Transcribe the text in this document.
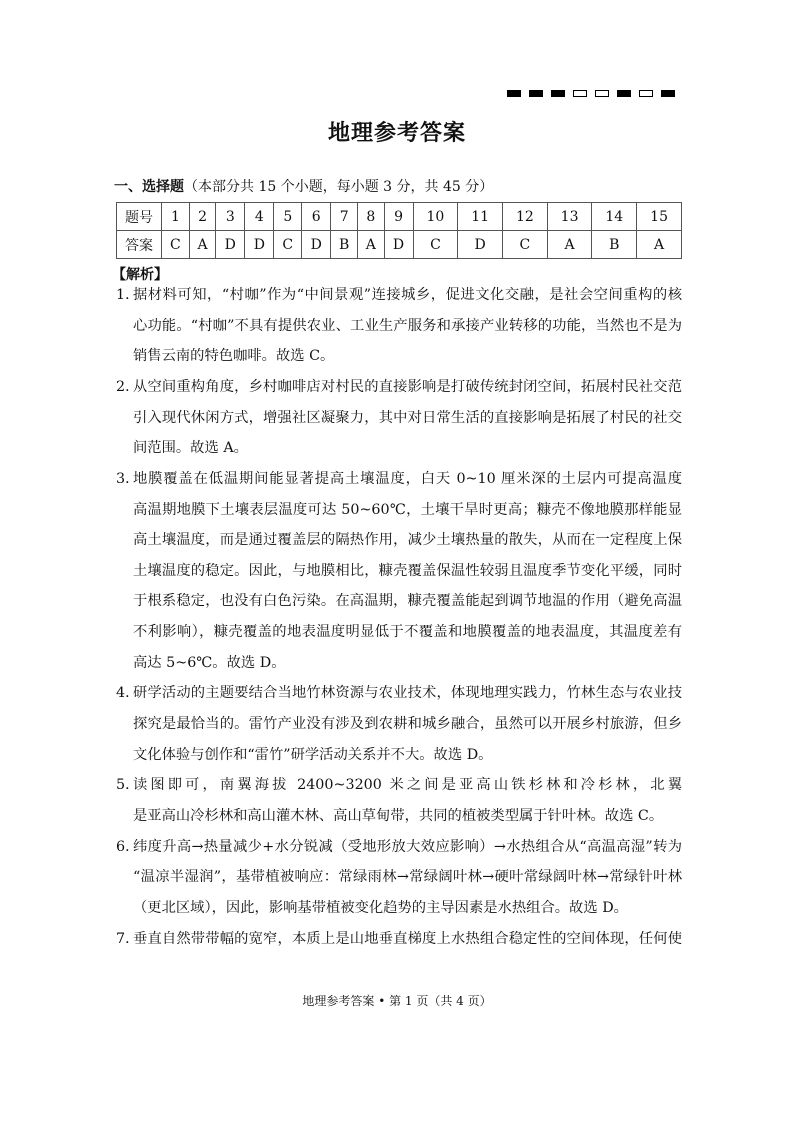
地理参考答案
一、选择题（本部分共 15 个小题，每小题 3 分，共 45 分）
题号	1	2	3	4	5	6	7	8	9	10	11	12	13	14	15
答案	C	A	D	D	C	D	B	A	D	C	D	C	A	B	A
【解析】
1．
据材料可知，“村咖”作为“中间景观”连接城乡，促进文化交融，是社会空间重构的核
心功能。“村咖”不具有提供农业、工业生产服务和承接产业转移的功能，当然也不是为
销售云南的特色咖啡。故选 C。
2．
从空间重构角度，乡村咖啡店对村民的直接影响是打破传统封闭空间，拓展村民社交范
引入现代休闲方式，增强社区凝聚力，其中对日常生活的直接影响是拓展了村民的社交
间范围。故选 A。
3．
地膜覆盖在低温期间能显著提高土壤温度，白天 0~10 厘米深的土层内可提高温度
高温期地膜下土壤表层温度可达 50~60℃，土壤干旱时更高；糠壳不像地膜那样能显
高土壤温度，而是通过覆盖层的隔热作用，减少土壤热量的散失，从而在一定程度上保
土壤温度的稳定。因此，与地膜相比，糠壳覆盖保温性较弱且温度季节变化平缓，同时
于根系稳定，也没有白色污染。在高温期，糠壳覆盖能起到调节地温的作用（避免高温
不利影响），糠壳覆盖的地表温度明显低于不覆盖和地膜覆盖的地表温度，其温度差有
高达 5~6℃。故选 D。
4．
研学活动的主题要结合当地竹林资源与农业技术，体现地理实践力，竹林生态与农业技
探究是最恰当的。雷竹产业没有涉及到农耕和城乡融合，虽然可以开展乡村旅游，但乡
文化体验与创作和“雷竹”研学活动关系并不大。故选 D。
5．
读图即可，南翼海拔 2400~3200 米之间是亚高山铁杉林和冷杉林，北翼
是亚高山冷杉林和高山灌木林、高山草甸带，共同的植被类型属于针叶林。故选 C。
6．
纬度升高→热量减少+水分锐减（受地形放大效应影响）→水热组合从“高温高湿”转为
“温凉半湿润”，基带植被响应：常绿雨林→常绿阔叶林→硬叶常绿阔叶林→常绿针叶林
（更北区域），因此，影响基带植被变化趋势的主导因素是水热组合。故选 D。
7．
垂直自然带带幅的宽窄，本质上是山地垂直梯度上水热组合稳定性的空间体现，任何使
地理参考答案 • 第 1 页（共 4 页）
